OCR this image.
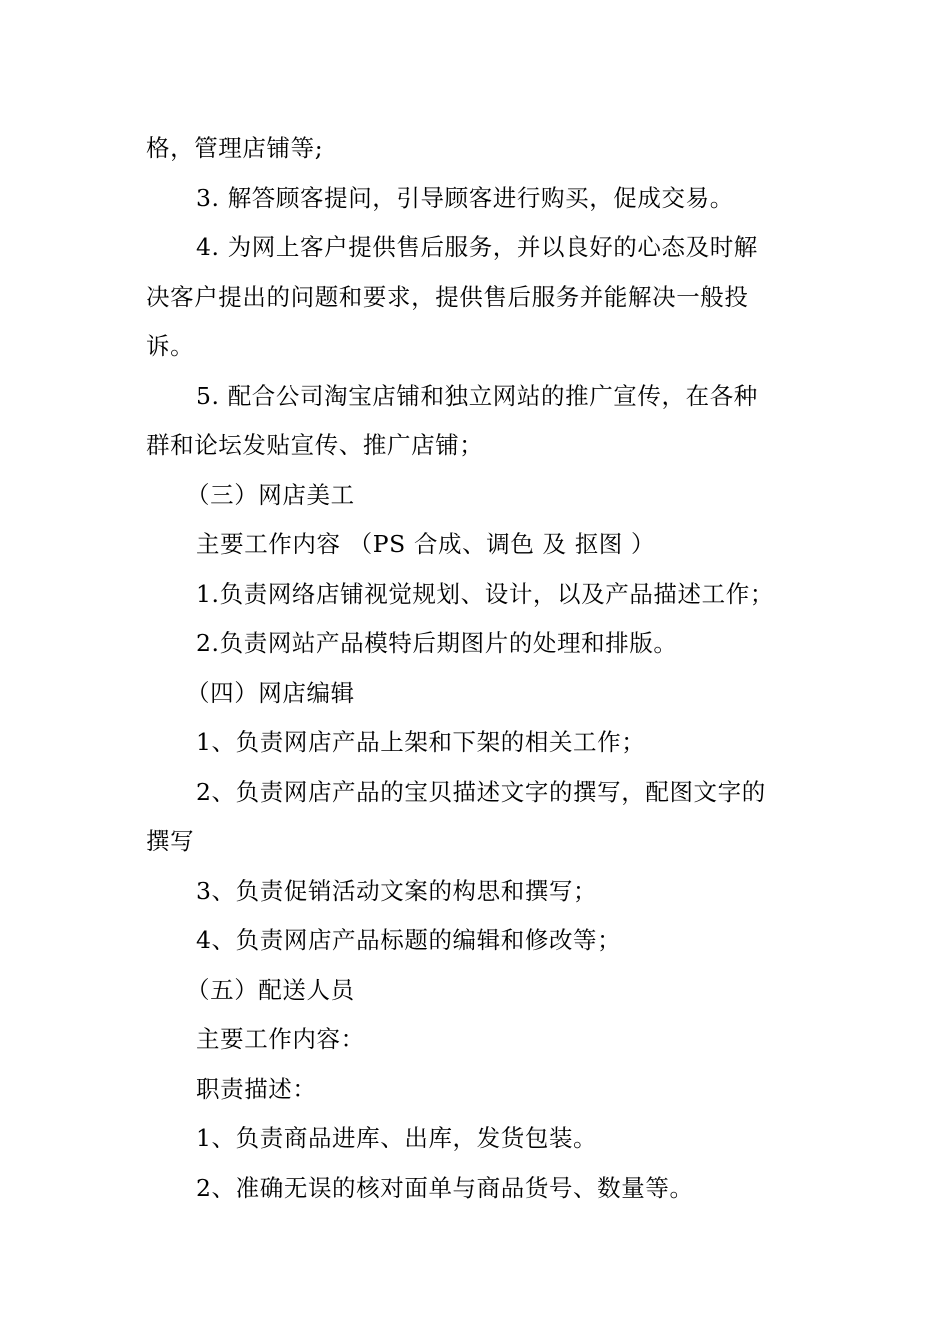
格，管理店铺等;
3. 解答顾客提问，引导顾客进行购买，促成交易。
4. 为网上客户提供售后服务，并以良好的心态及时解
决客户提出的问题和要求，提供售后服务并能解决一般投
诉。
5. 配合公司淘宝店铺和独立网站的推广宣传，在各种
群和论坛发贴宣传、推广店铺；
（三）网店美工
主要工作内容 （PS 合成、调色 及 抠图 ）
1.负责网络店铺视觉规划、设计，以及产品描述工作；
2.负责网站产品模特后期图片的处理和排版。
（四）网店编辑
1、负责网店产品上架和下架的相关工作；
2、负责网店产品的宝贝描述文字的撰写，配图文字的
撰写
3、负责促销活动文案的构思和撰写；
4、负责网店产品标题的编辑和修改等；
（五）配送人员
主要工作内容：
职责描述：
1、负责商品进库、出库，发货包装。
2、准确无误的核对面单与商品货号、数量等。
